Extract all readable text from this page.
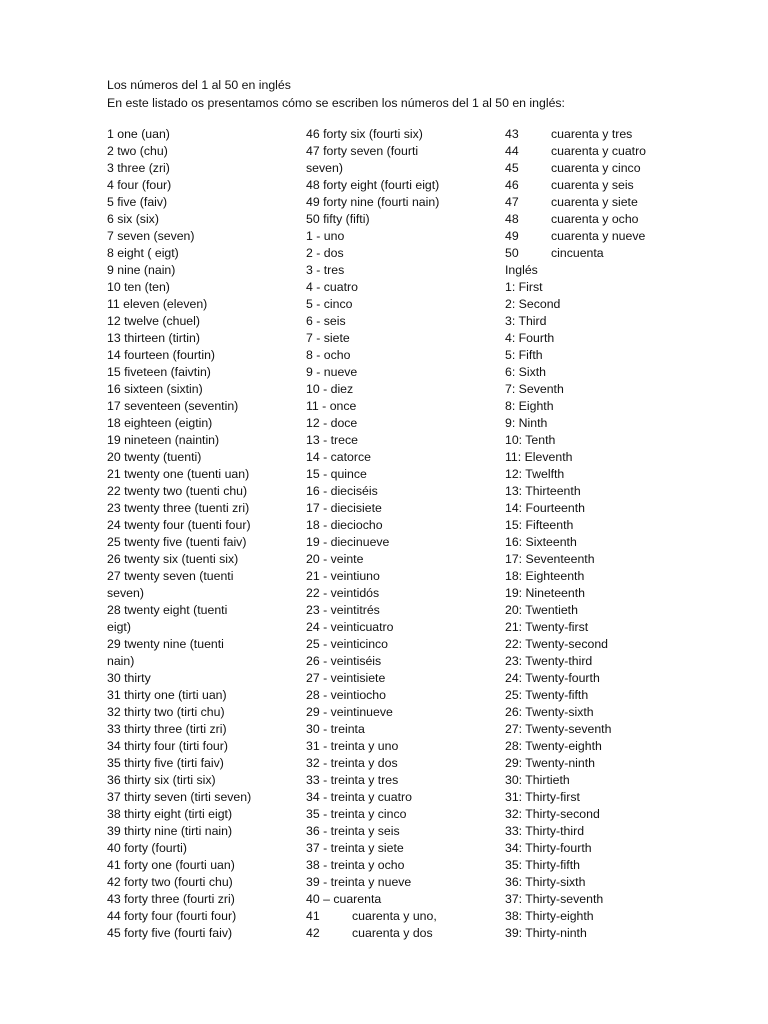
Los números del 1 al 50 en inglés
En este listado os presentamos cómo se escriben los números del 1 al 50 en inglés:
1 one (uan)
2 two (chu)
3 three (zri)
4 four (four)
5 five (faiv)
6 six (six)
7 seven (seven)
8 eight ( eigt)
9 nine (nain)
10 ten (ten)
11 eleven (eleven)
12 twelve (chuel)
13 thirteen (tirtin)
14 fourteen (fourtin)
15 fiveteen (faivtin)
16 sixteen (sixtin)
17 seventeen (seventin)
18 eighteen (eigtin)
19 nineteen (naintin)
20 twenty (tuenti)
21 twenty one (tuenti uan)
22 twenty two (tuenti chu)
23 twenty three (tuenti zri)
24 twenty four (tuenti four)
25 twenty five (tuenti faiv)
26 twenty six (tuenti six)
27 twenty seven (tuenti
seven)
28 twenty eight (tuenti
eigt)
29 twenty nine (tuenti
nain)
30 thirty
31 thirty one (tirti uan)
32 thirty two (tirti chu)
33 thirty three (tirti zri)
34 thirty four (tirti four)
35 thirty five (tirti faiv)
36 thirty six (tirti six)
37 thirty seven (tirti seven)
38 thirty eight (tirti eigt)
39 thirty nine (tirti nain)
40 forty (fourti)
41 forty one (fourti uan)
42 forty two (fourti chu)
43 forty three (fourti zri)
44 forty four (fourti four)
45 forty five (fourti faiv)
46 forty six (fourti six)
47 forty seven (fourti
seven)
48 forty eight (fourti eigt)
49 forty nine (fourti nain)
50 fifty (fifti)
1 - uno
2 - dos
3 - tres
4 - cuatro
5 - cinco
6 - seis
7 - siete
8 - ocho
9 - nueve
10 - diez
11 - once
12 - doce
13 - trece
14 - catorce
15 - quince
16 - dieciséis
17 - diecisiete
18 - dieciocho
19 - diecinueve
20 - veinte
21 - veintiuno
22 - veintidós
23 - veintitrés
24 - veinticuatro
25 - veinticinco
26 - veintiséis
27 - veintisiete
28 - veintiocho
29 - veintinueve
30 - treinta
31 - treinta y uno
32 - treinta y dos
33 - treinta y tres
34 - treinta y cuatro
35 - treinta y cinco
36 - treinta y seis
37 - treinta y siete
38 - treinta y ocho
39 - treinta y nueve
40 – cuarenta
41	cuarenta y uno,
42	cuarenta y dos
43	cuarenta y tres
44	cuarenta y cuatro
45	cuarenta y cinco
46	cuarenta y seis
47	cuarenta y siete
48	cuarenta y ocho
49	cuarenta y nueve
50	cincuenta
Inglés
1: First
2: Second
3: Third
4: Fourth
5: Fifth
6: Sixth
7: Seventh
8: Eighth
9: Ninth
10: Tenth
11: Eleventh
12: Twelfth
13: Thirteenth
14: Fourteenth
15: Fifteenth
16: Sixteenth
17: Seventeenth
18: Eighteenth
19: Nineteenth
20: Twentieth
21: Twenty-first
22: Twenty-second
23: Twenty-third
24: Twenty-fourth
25: Twenty-fifth
26: Twenty-sixth
27: Twenty-seventh
28: Twenty-eighth
29: Twenty-ninth
30: Thirtieth
31: Thirty-first
32: Thirty-second
33: Thirty-third
34: Thirty-fourth
35: Thirty-fifth
36: Thirty-sixth
37: Thirty-seventh
38: Thirty-eighth
39: Thirty-ninth
